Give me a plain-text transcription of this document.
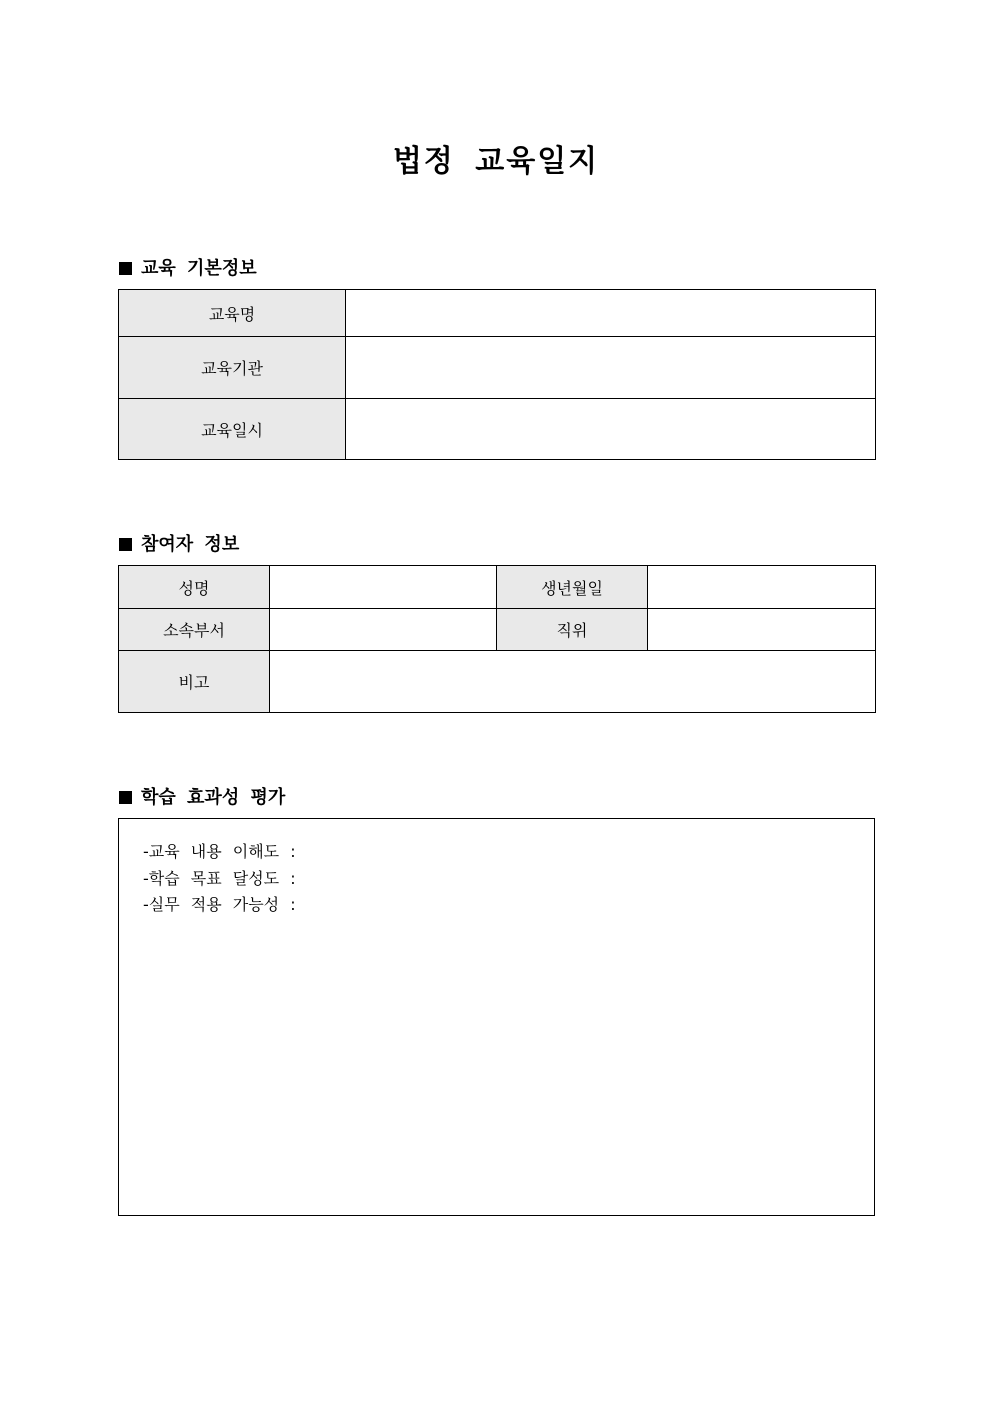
법정 교육일지
교육 기본정보
교육명	
교육기관	
교육일시	
참여자 정보
성명		생년월일	
소속부서		직위	
비고			
학습 효과성 평가
-교육 내용 이해도 :
-학습 목표 달성도 :
-실무 적용 가능성 :
